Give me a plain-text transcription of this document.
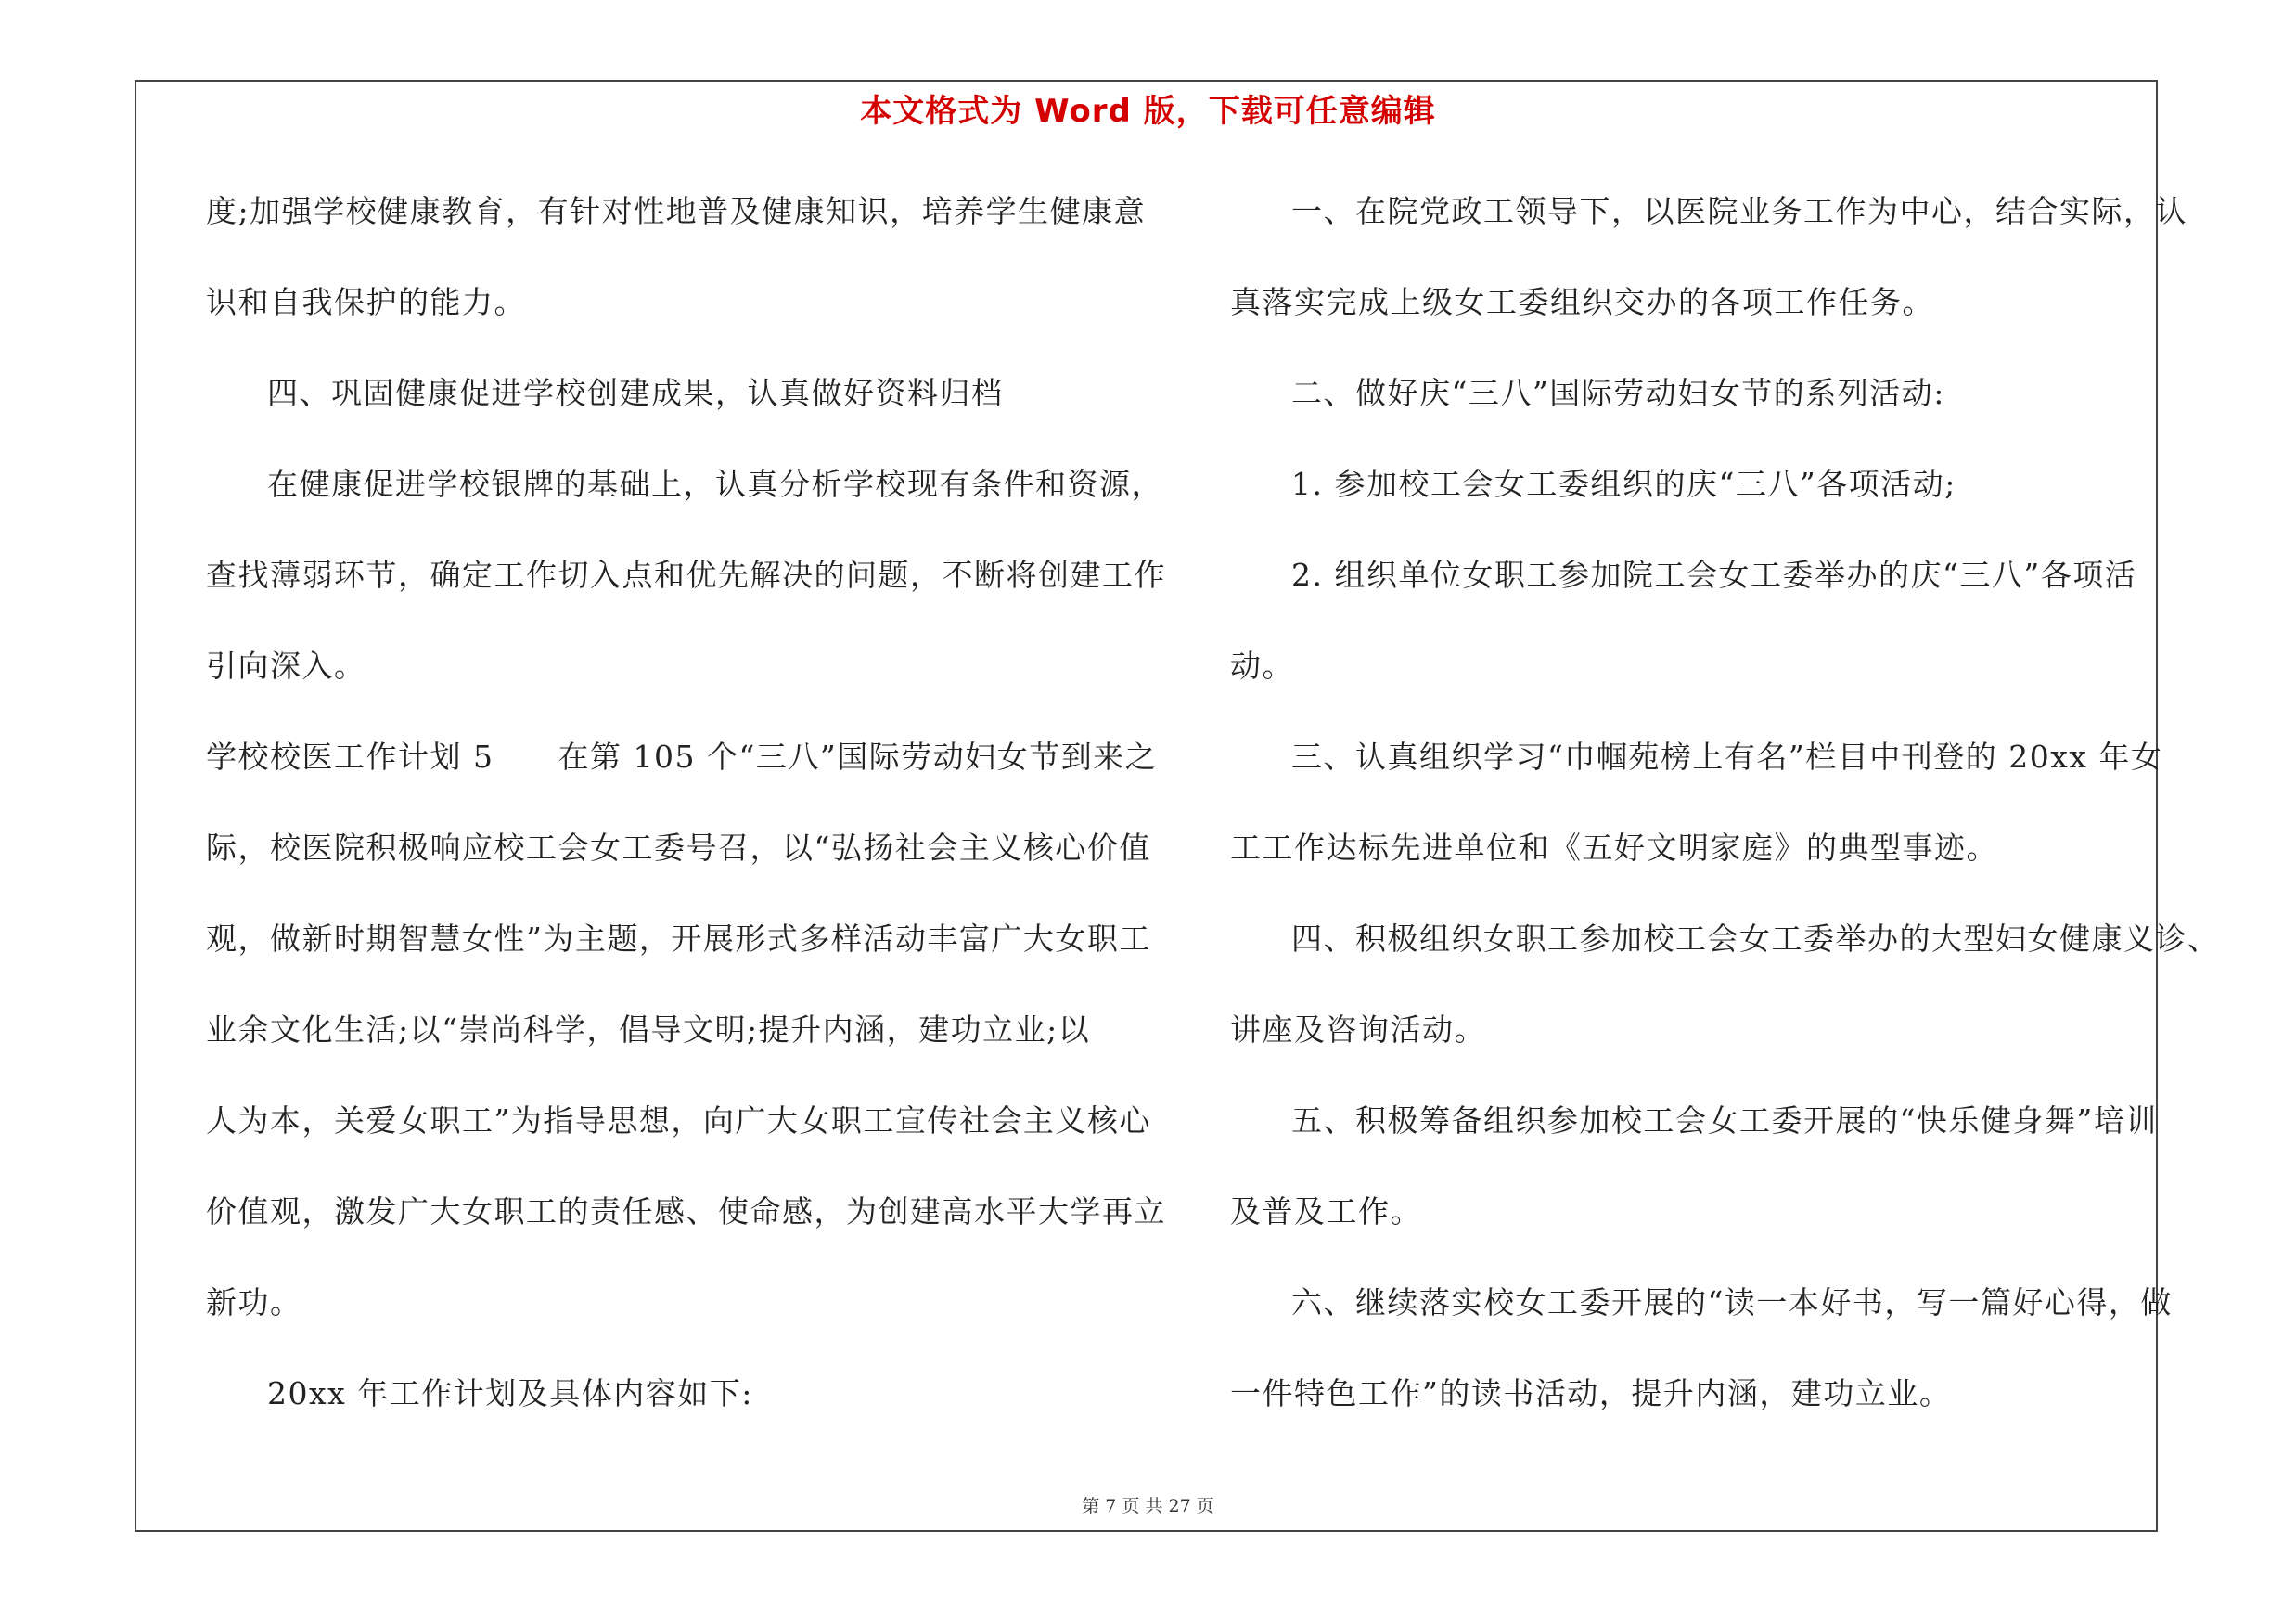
本文格式为 Word 版，下载可任意编辑
度;加强学校健康教育，有针对性地普及健康知识，培养学生健康意
识和自我保护的能力。
四、巩固健康促进学校创建成果，认真做好资料归档
在健康促进学校银牌的基础上，认真分析学校现有条件和资源，
查找薄弱环节，确定工作切入点和优先解决的问题，不断将创建工作
引向深入。
学校校医工作计划 5　　在第 105 个“三八”国际劳动妇女节到来之
际，校医院积极响应校工会女工委号召，以“弘扬社会主义核心价值
观，做新时期智慧女性”为主题，开展形式多样活动丰富广大女职工
业余文化生活;以“崇尚科学，倡导文明;提升内涵，建功立业;以
人为本，关爱女职工”为指导思想，向广大女职工宣传社会主义核心
价值观，激发广大女职工的责任感、使命感，为创建高水平大学再立
新功。
20xx 年工作计划及具体内容如下:
一、在院党政工领导下，以医院业务工作为中心，结合实际，认
真落实完成上级女工委组织交办的各项工作任务。
二、做好庆“三八”国际劳动妇女节的系列活动:
1. 参加校工会女工委组织的庆“三八”各项活动;
2. 组织单位女职工参加院工会女工委举办的庆“三八”各项活
动。
三、认真组织学习“巾帼苑榜上有名”栏目中刊登的 20xx 年女
工工作达标先进单位和《五好文明家庭》的典型事迹。
四、积极组织女职工参加校工会女工委举办的大型妇女健康义诊、
讲座及咨询活动。
五、积极筹备组织参加校工会女工委开展的“快乐健身舞”培训
及普及工作。
六、继续落实校女工委开展的“读一本好书，写一篇好心得，做
一件特色工作”的读书活动，提升内涵，建功立业。
第 7 页 共 27 页
